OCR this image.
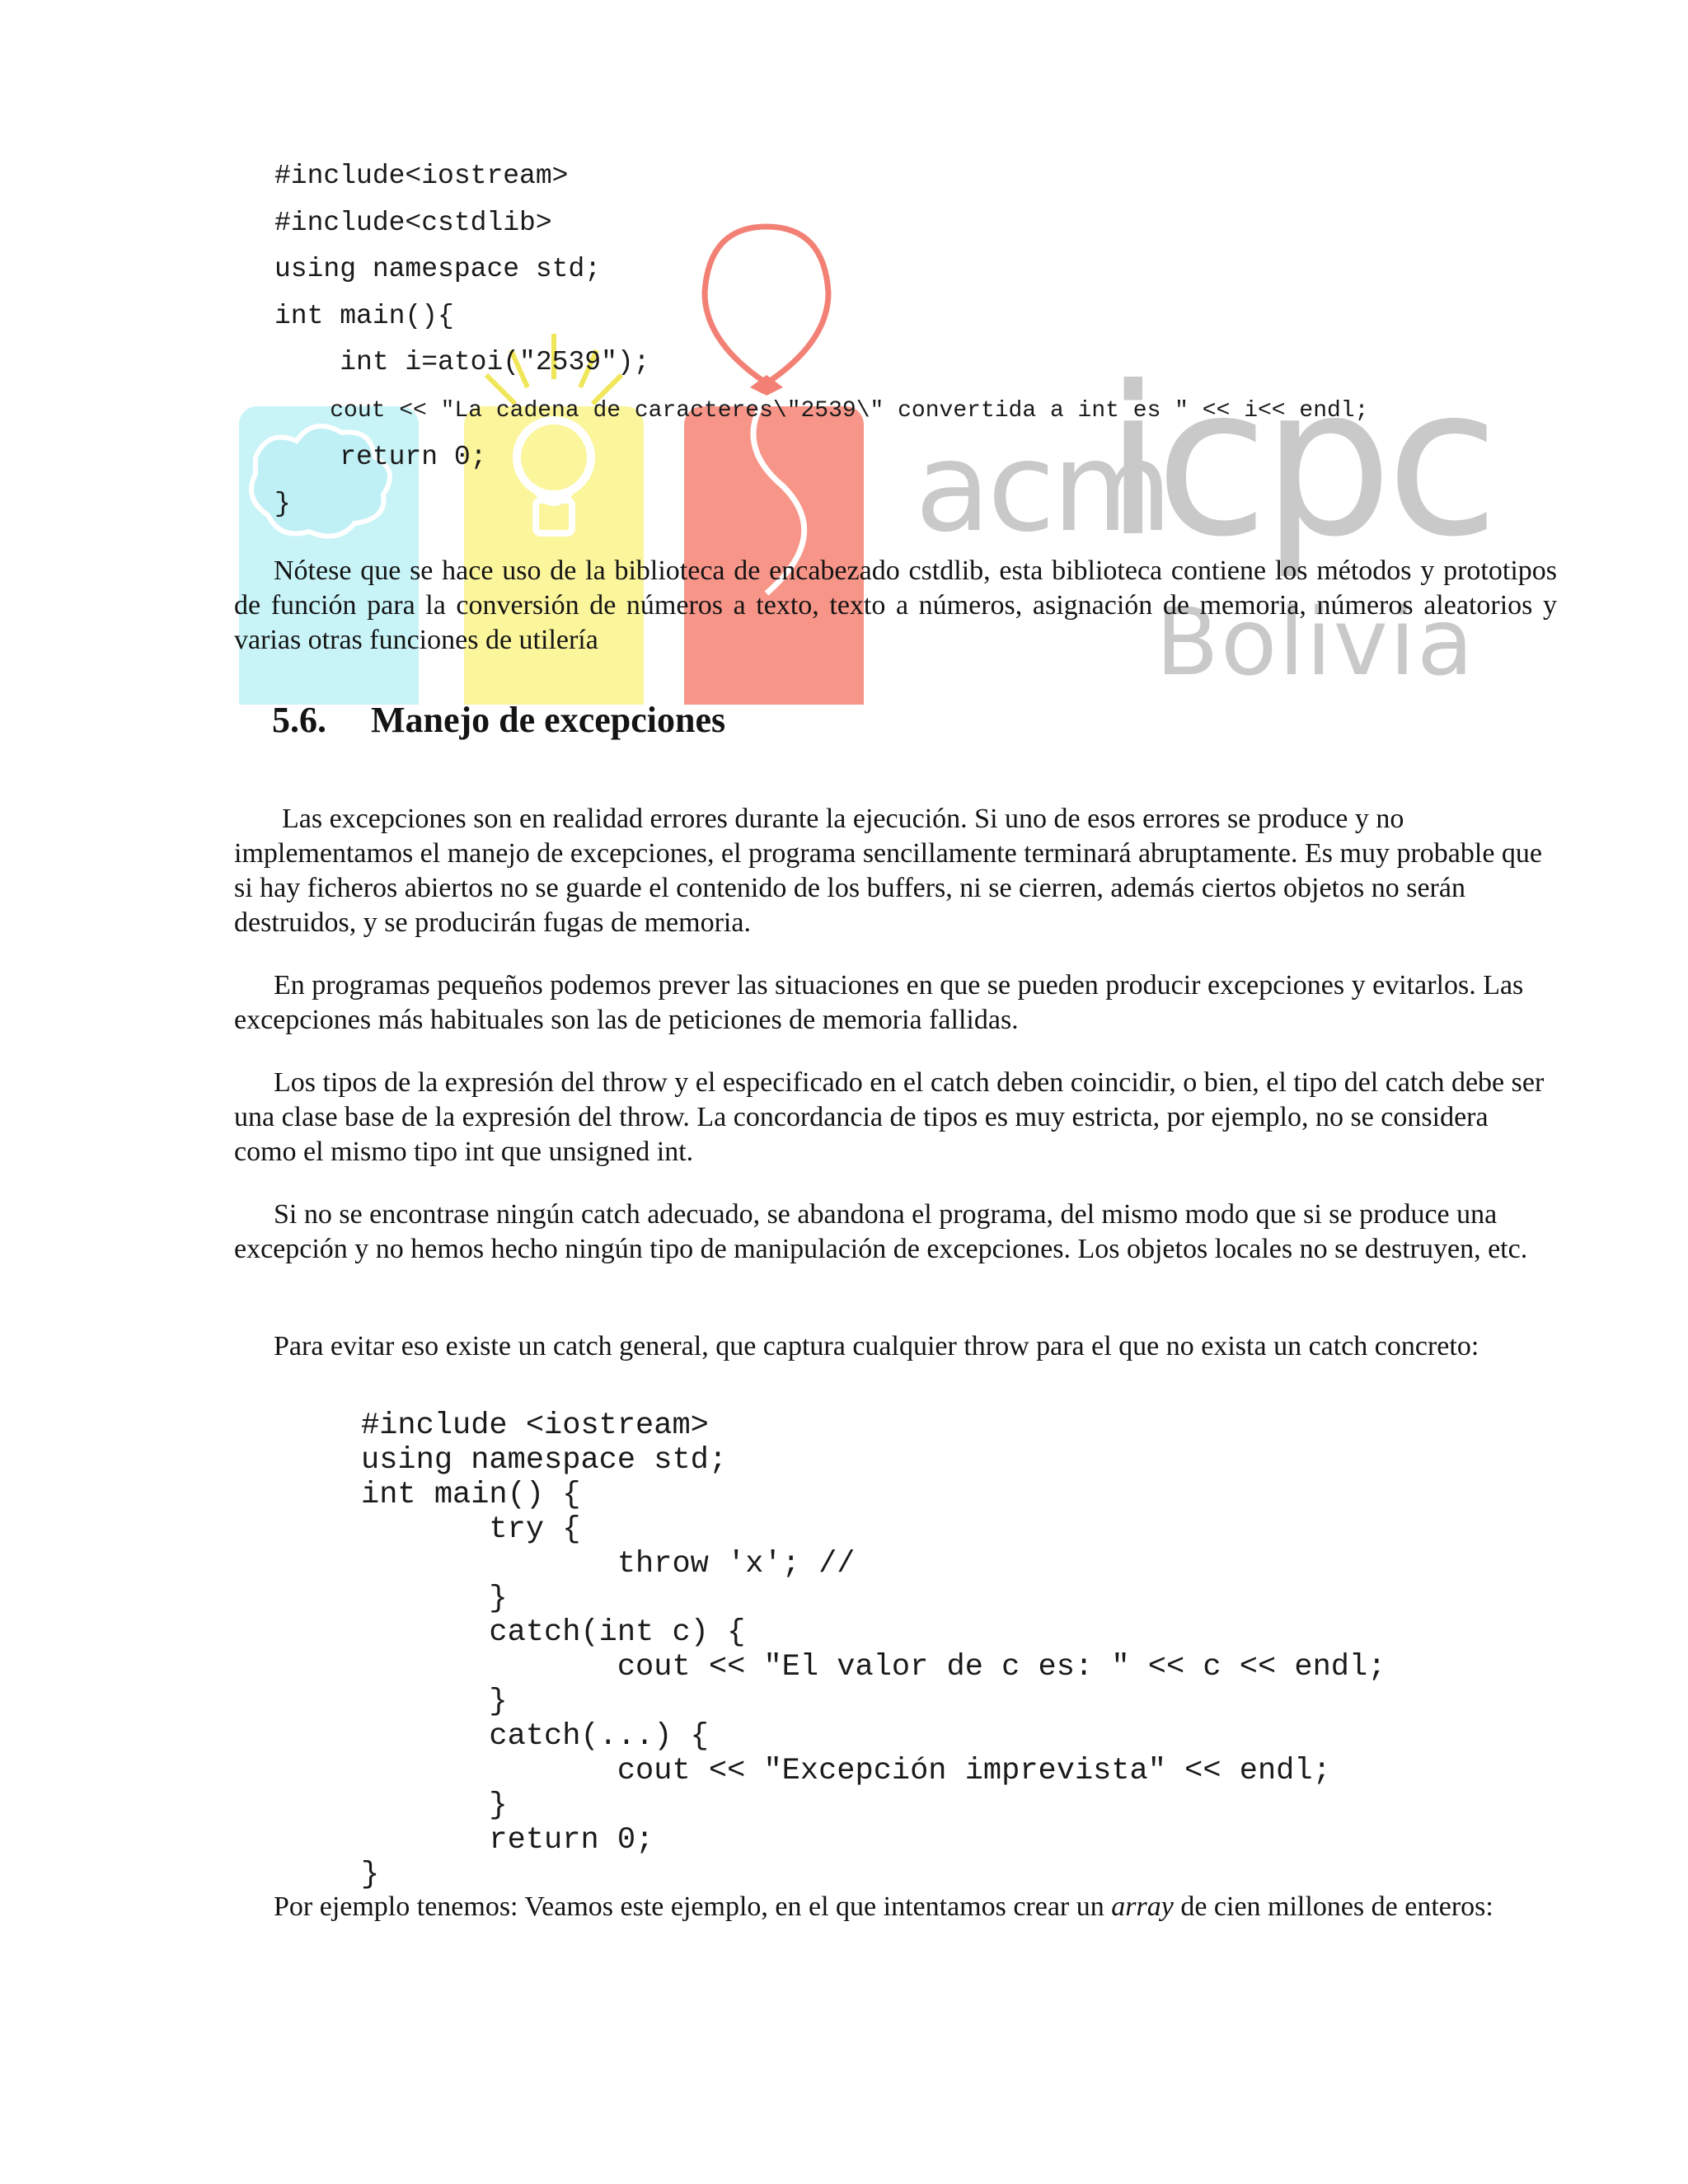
acm
icpc
Bolivia
#include<iostream>
#include<cstdlib>
using namespace std;
int main(){
int i=atoi("2539");
cout << "La cadena de caracteres\"2539\" convertida a int es " << i<< endl;
return 0;
}

Nótese que se hace uso de la biblioteca de encabezado cstdlib, esta biblioteca contiene los métodos y prototipos de función para la conversión de números a texto, texto a números, asignación de memoria, números aleatorios y varias otras funciones de utilería

5.6. Manejo de excepciones

Las excepciones son en realidad errores durante la ejecución. Si uno de esos errores se produce y no implementamos el manejo de excepciones, el programa sencillamente terminará abruptamente. Es muy probable que si hay ficheros abiertos no se guarde el contenido de los buffers, ni se cierren, además ciertos objetos no serán destruidos, y se producirán fugas de memoria.

En programas pequeños podemos prever las situaciones en que se pueden producir excepciones y evitarlos. Las excepciones más habituales son las de peticiones de memoria fallidas.

Los tipos de la expresión del throw y el especificado en el catch deben coincidir, o bien, el tipo del catch debe ser una clase base de la expresión del throw. La concordancia de tipos es muy estricta, por ejemplo, no se considera como el mismo tipo int que unsigned int.

Si no se encontrase ningún catch adecuado, se abandona el programa, del mismo modo que si se produce una excepción y no hemos hecho ningún tipo de manipulación de excepciones. Los objetos locales no se destruyen, etc.

Para evitar eso existe un catch general, que captura cualquier throw para el que no exista un catch concreto:

#include <iostream>
using namespace std;
int main() {
try {
throw 'x'; //
}
catch(int c) {
cout << "El valor de c es: " << c << endl;
}
catch(...) {
cout << "Excepción imprevista" << endl;
}
return 0;
}

Por ejemplo tenemos: Veamos este ejemplo, en el que intentamos crear un array de cien millones de enteros:
